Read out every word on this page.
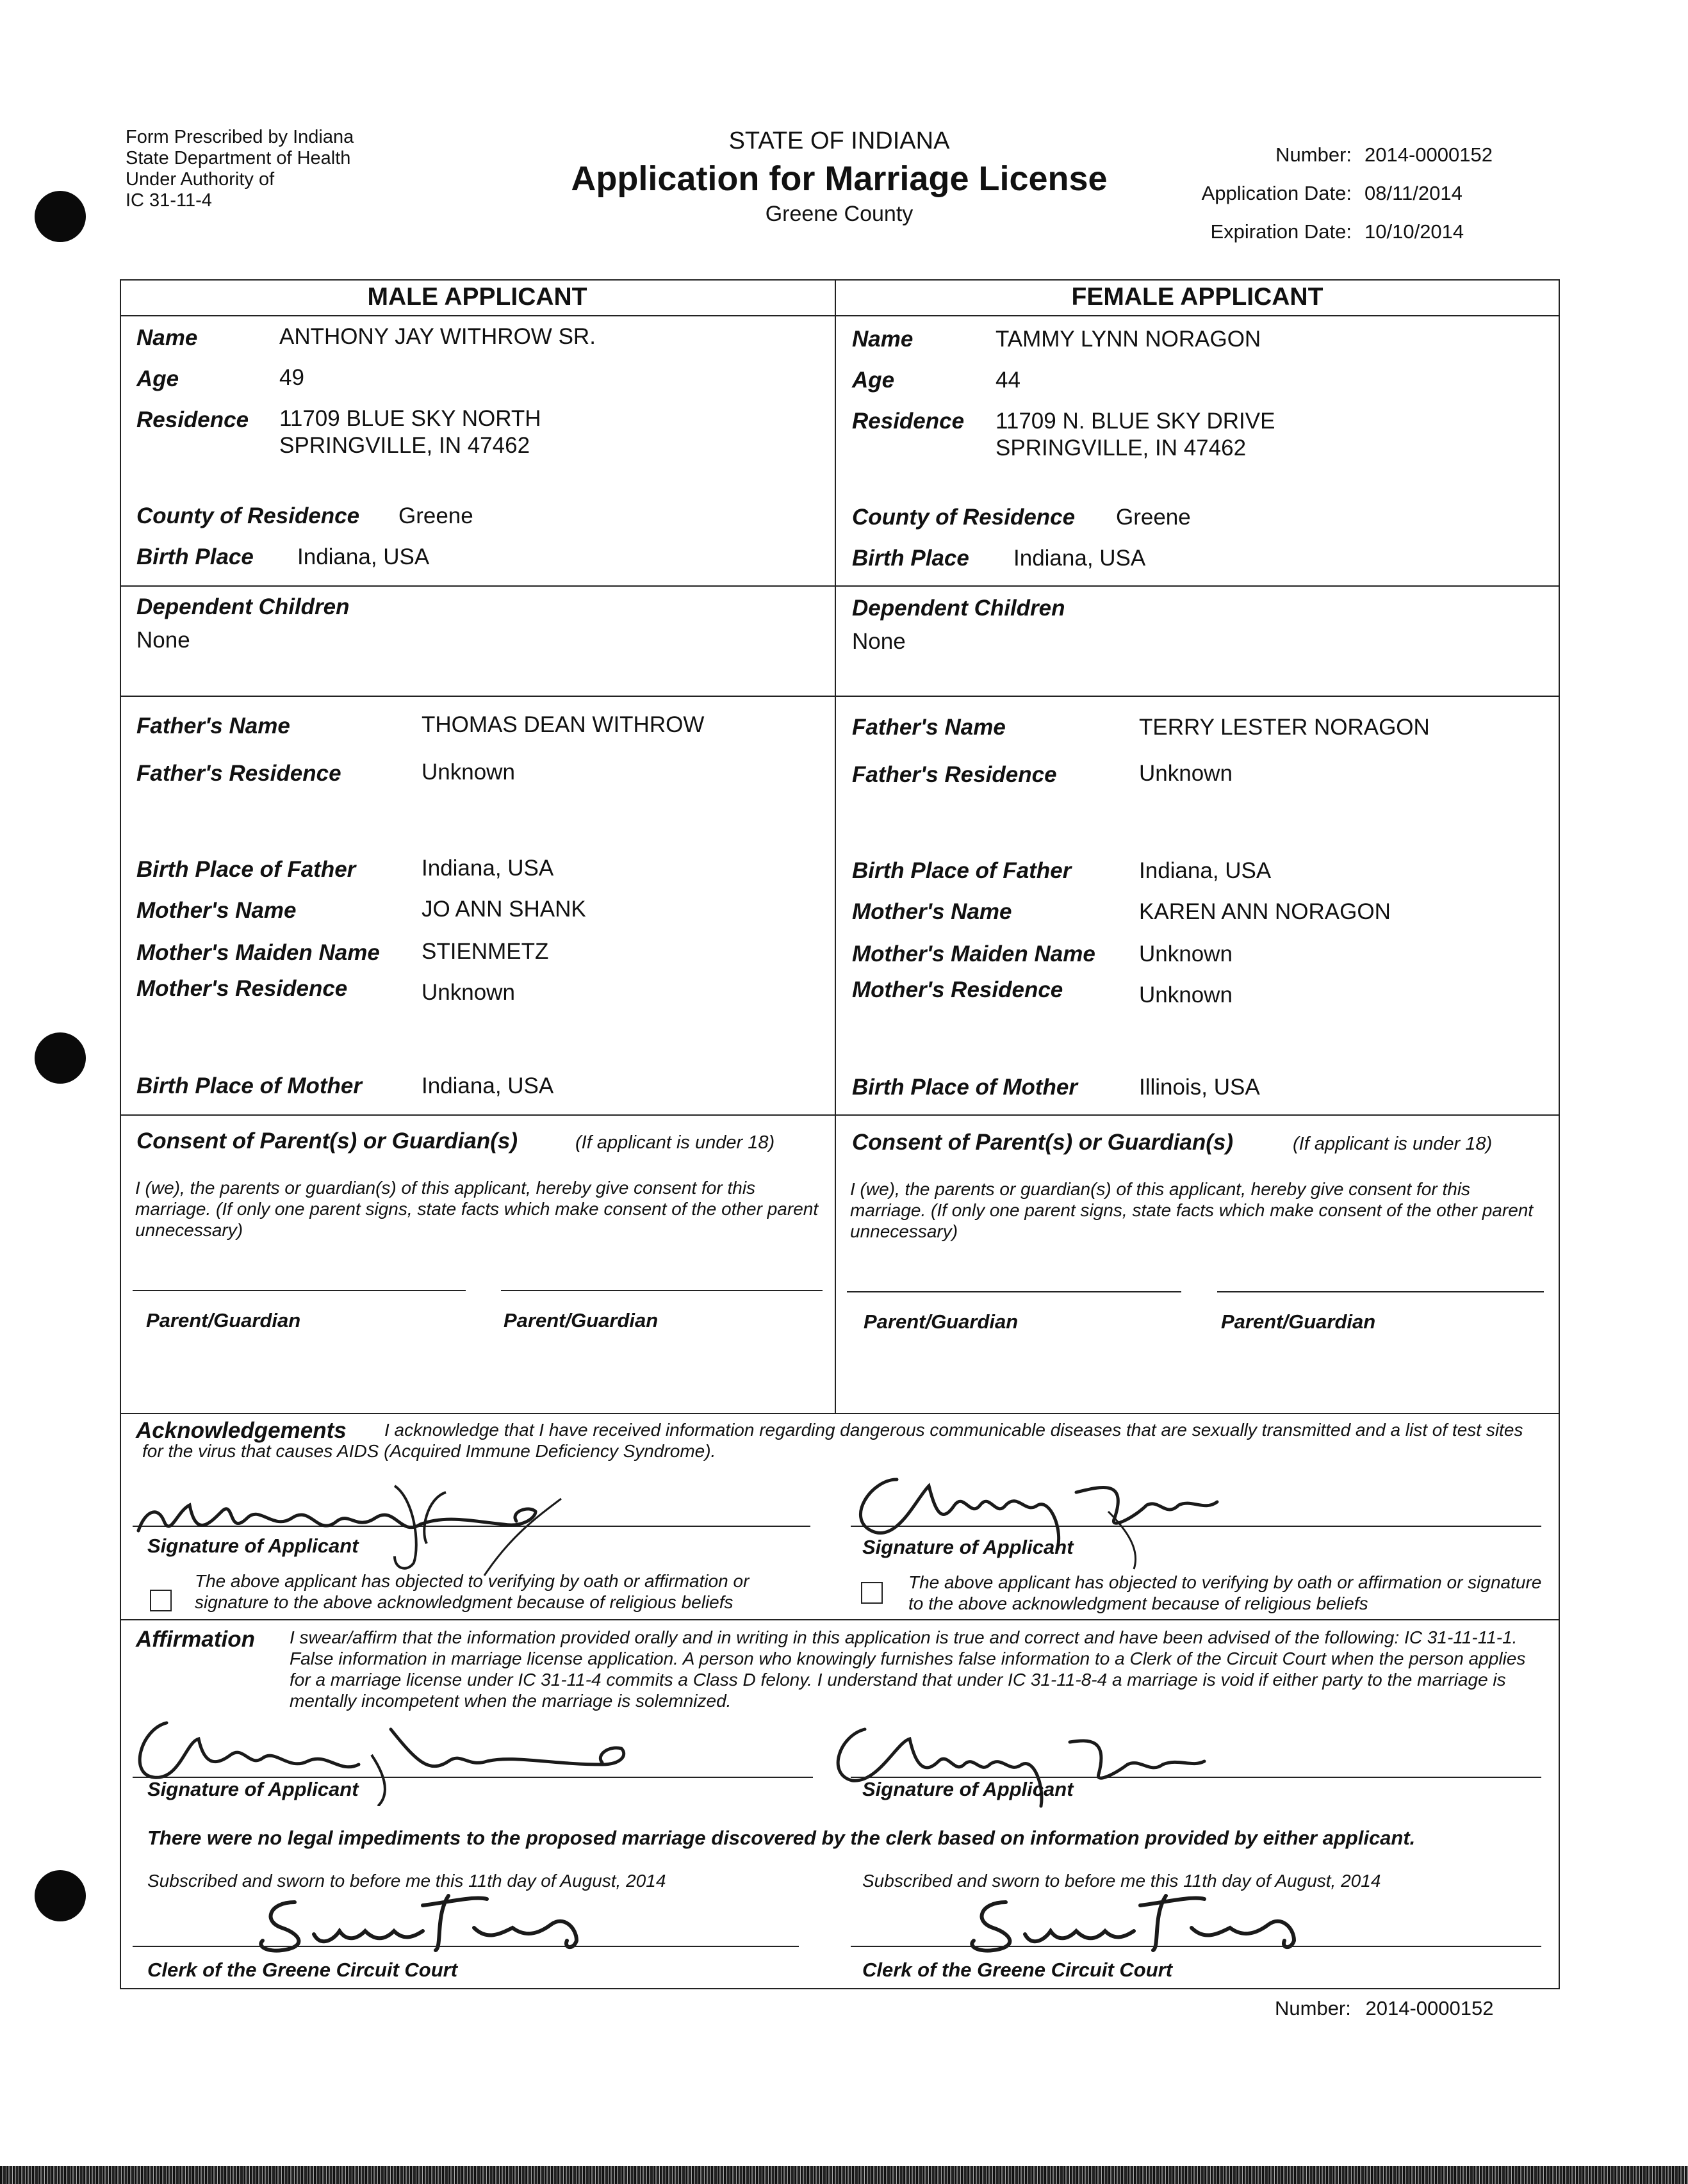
Form Prescribed by Indiana
State Department of Health
Under Authority of
IC 31-11-4
STATE OF INDIANA
Application for Marriage License
Greene County
Number: 2014-0000152
Application Date: 08/11/2014
Expiration Date: 10/10/2014
MALE APPLICANT	FEMALE APPLICANT
Name	ANTHONY JAY WITHROW SR.
Age	49
Residence 11709 BLUE SKY NORTH
SPRINGVILLE, IN 47462
County of Residence Greene
Birth Place Indiana, USA
Dependent Children
None
Father's Name	THOMAS DEAN WITHROW
Father's Residence	Unknown
Birth Place of Father	Indiana, USA
Mother's Name	JO ANN SHANK
Mother's Maiden Name STIENMETZ
Mother's Residence	Unknown
Birth Place of Mother	Indiana, USA
Name	TAMMY LYNN NORAGON
Age	44
Residence 11709 N. BLUE SKY DRIVE
SPRINGVILLE, IN 47462
County of Residence Greene
Birth Place Indiana, USA
Dependent Children
None
Father's Name	TERRY LESTER NORAGON
Father's Residence	Unknown
Birth Place of Father	Indiana, USA
Mother's Name	KAREN ANN NORAGON
Mother's Maiden Name Unknown
Mother's Residence	Unknown
Birth Place of Mother	Illinois, USA
Consent of Parent(s) or Guardian(s)	(If applicant is under 18)
I (we), the parents or guardian(s) of this applicant, hereby give consent for this marriage. (If only one parent signs, state facts which make consent of the other parent unnecessary)
Parent/Guardian	Parent/Guardian
Consent of Parent(s) or Guardian(s)	(If applicant is under 18)
I (we), the parents or guardian(s) of this applicant, hereby give consent for this marriage. (If only one parent signs, state facts which make consent of the other parent unnecessary)
Parent/Guardian	Parent/Guardian
Acknowledgements	I acknowledge that I have received information regarding dangerous communicable diseases that are sexually transmitted and a list of test sites for the virus that causes AIDS (Acquired Immune Deficiency Syndrome).
Signature of Applicant	Signature of Applicant
The above applicant has objected to verifying by oath or affirmation or signature to the above acknowledgment because of religious beliefs
The above applicant has objected to verifying by oath or affirmation or signature to the above acknowledgment because of religious beliefs
Affirmation I swear/affirm that the information provided orally and in writing in this application is true and correct and have been advised of the following: IC 31-11-11-1. False information in marriage license application. A person who knowingly furnishes false information to a Clerk of the Circuit Court when the person applies for a marriage license under IC 31-11-4 commits a Class D felony. I understand that under IC 31-11-8-4 a marriage is void if either party to the marriage is mentally incompetent when the marriage is solemnized.
Signature of Applicant	Signature of Applicant
There were no legal impediments to the proposed marriage discovered by the clerk based on information provided by either applicant.
Subscribed and sworn to before me this 11th day of August, 2014	Subscribed and sworn to before me this 11th day of August, 2014
Clerk of the Greene Circuit Court	Clerk of the Greene Circuit Court
Number: 2014-0000152
